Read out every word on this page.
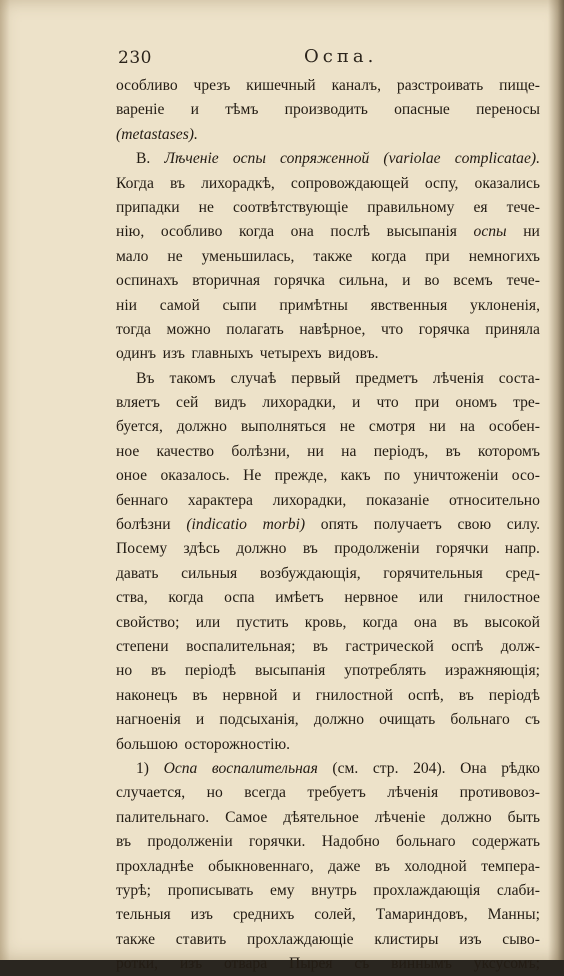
230	Оспа.
особливо чрезъ кишечный каналъ, разстроивать пище-
вареніе и тѣмъ производить опасные переносы
(metastases).
В. Лѣченіе оспы сопряженной (variolae complicatae).
Когда въ лихорадкѣ, сопровождающей оспу, оказались
припадки не соотвѣтствующіе правильному ея тече-
нію, особливо когда она послѣ высыпанія оспы ни
мало не уменьшилась, также когда при немногихъ
оспинахъ вторичная горячка сильна, и во всемъ тече-
ніи самой сыпи примѣтны явственныя уклоненія,
тогда можно полагать навѣрное, что горячка приняла
одинъ изъ главныхъ четырехъ видовъ.
Въ такомъ случаѣ первый предметъ лѣченія соста-
вляетъ сей видъ лихорадки, и что при ономъ тре-
буется, должно выполняться не смотря ни на особен-
ное качество болѣзни, ни на періодъ, въ которомъ
оное оказалось. Не прежде, какъ по уничтоженіи осо-
беннаго характера лихорадки, показаніе относительно
болѣзни (indicatio morbi) опять получаетъ свою силу.
Посему здѣсь должно въ продолженіи горячки напр.
давать сильныя возбуждающія, горячительныя сред-
ства, когда оспа имѣетъ нервное или гнилостное
свойство; или пустить кровь, когда она въ высокой
степени воспалительная; въ гастрической оспѣ долж-
но въ періодѣ высыпанія употреблять изражняющія;
наконецъ въ нервной и гнилостной оспѣ, въ періодѣ
нагноенія и подсыханія, должно очищать больнаго съ
большою осторожностію.
1) Оспа воспалительная (см. стр. 204). Она рѣдко
случается, но всегда требуетъ лѣченія противовоз-
палительнаго. Самое дѣятельное лѣченіе должно быть
въ продолженіи горячки. Надобно больнаго содержать
прохладнѣе обыкновеннаго, даже въ холодной темпера-
турѣ; прописывать ему внутрь прохлаждающія слаби-
тельныя изъ среднихъ солей, Тамариндовъ, Манны;
также ставить прохлаждающіе клистиры изъ сыво-
ротки, изъ отвара Пырея съ виннымъ уксусомъ;
